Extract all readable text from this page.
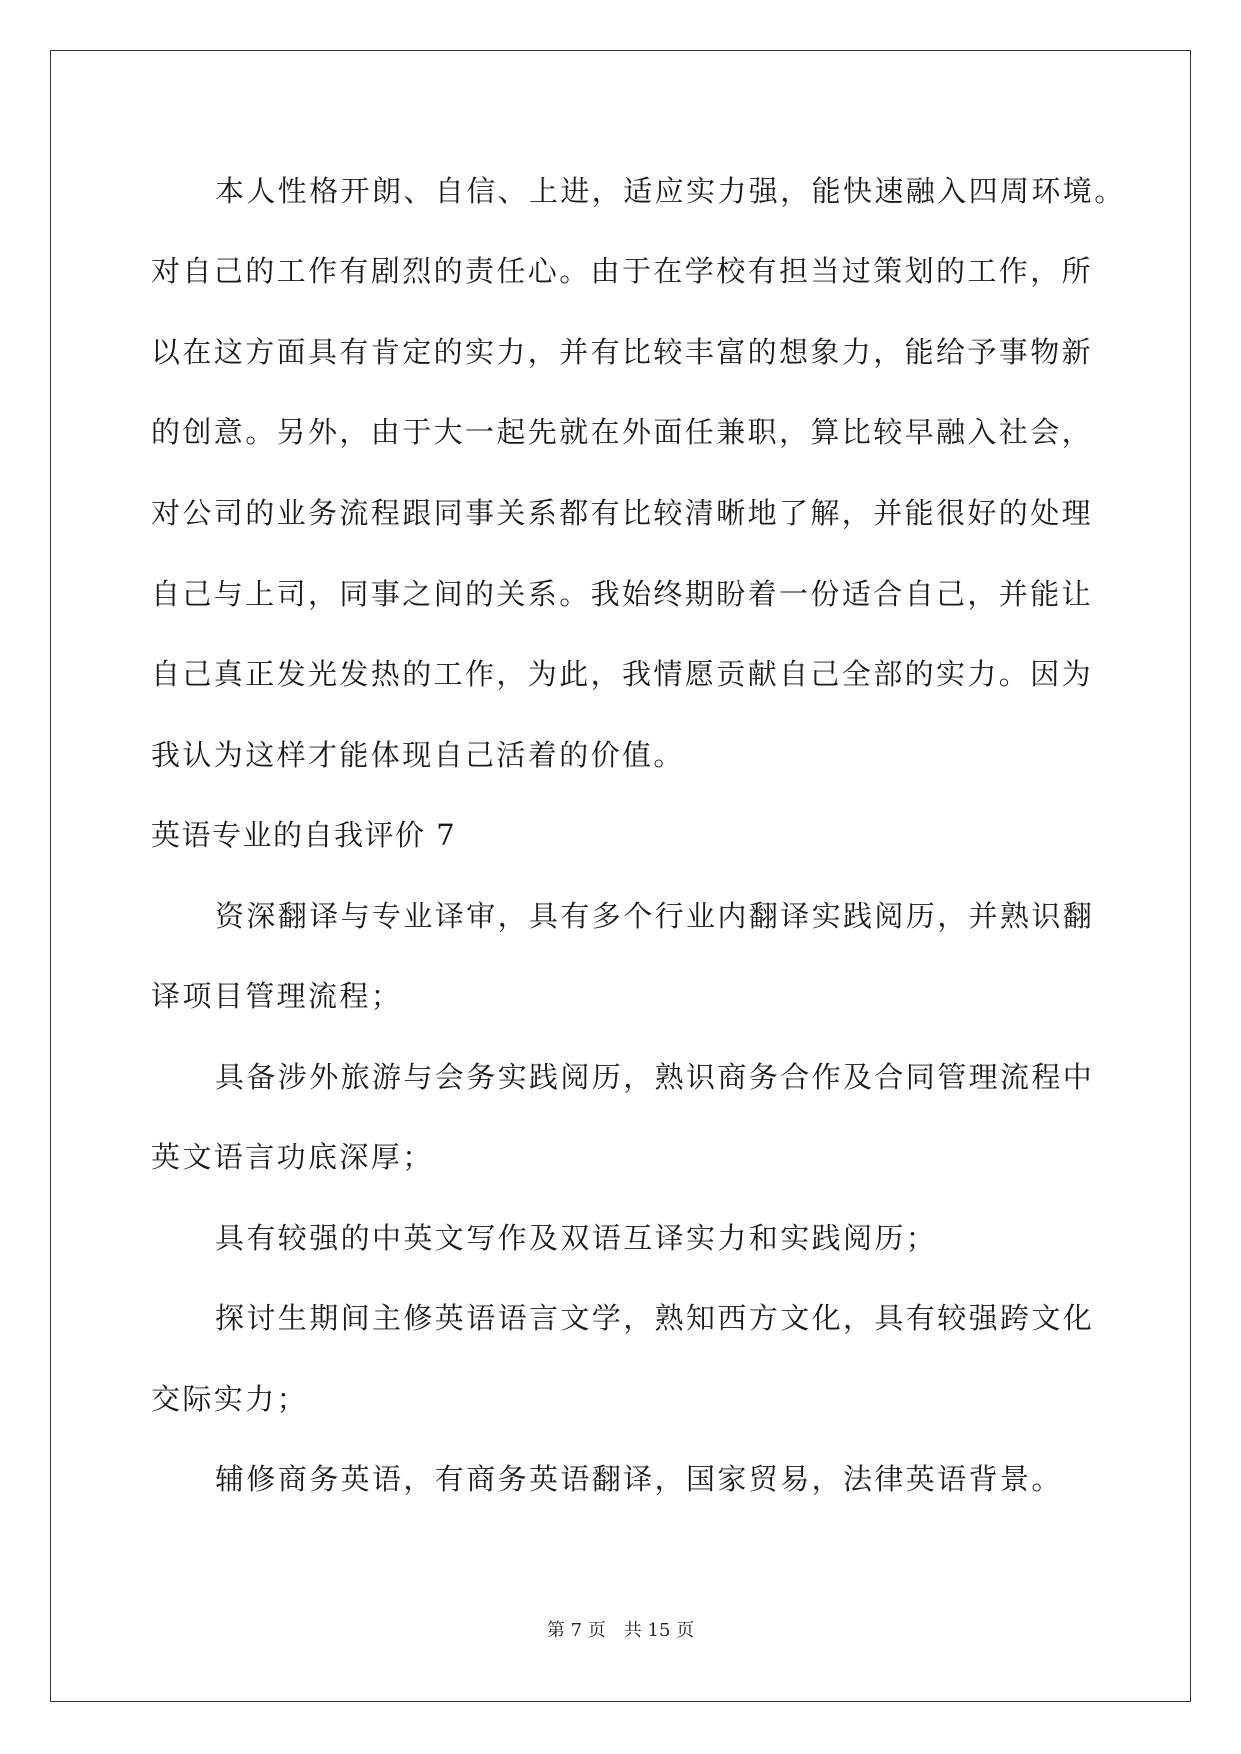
本人性格开朗、自信、上进，适应实力强，能快速融入四周环境。
对自己的工作有剧烈的责任心。由于在学校有担当过策划的工作，所
以在这方面具有肯定的实力，并有比较丰富的想象力，能给予事物新
的创意。另外，由于大一起先就在外面任兼职，算比较早融入社会，
对公司的业务流程跟同事关系都有比较清晰地了解，并能很好的处理
自己与上司，同事之间的关系。我始终期盼着一份适合自己，并能让
自己真正发光发热的工作，为此，我情愿贡献自己全部的实力。因为
我认为这样才能体现自己活着的价值。
英语专业的自我评价 7
资深翻译与专业译审，具有多个行业内翻译实践阅历，并熟识翻
译项目管理流程；
具备涉外旅游与会务实践阅历，熟识商务合作及合同管理流程中
英文语言功底深厚；
具有较强的中英文写作及双语互译实力和实践阅历；
探讨生期间主修英语语言文学，熟知西方文化，具有较强跨文化
交际实力；
辅修商务英语，有商务英语翻译，国家贸易，法律英语背景。
第 7 页 共 15 页
